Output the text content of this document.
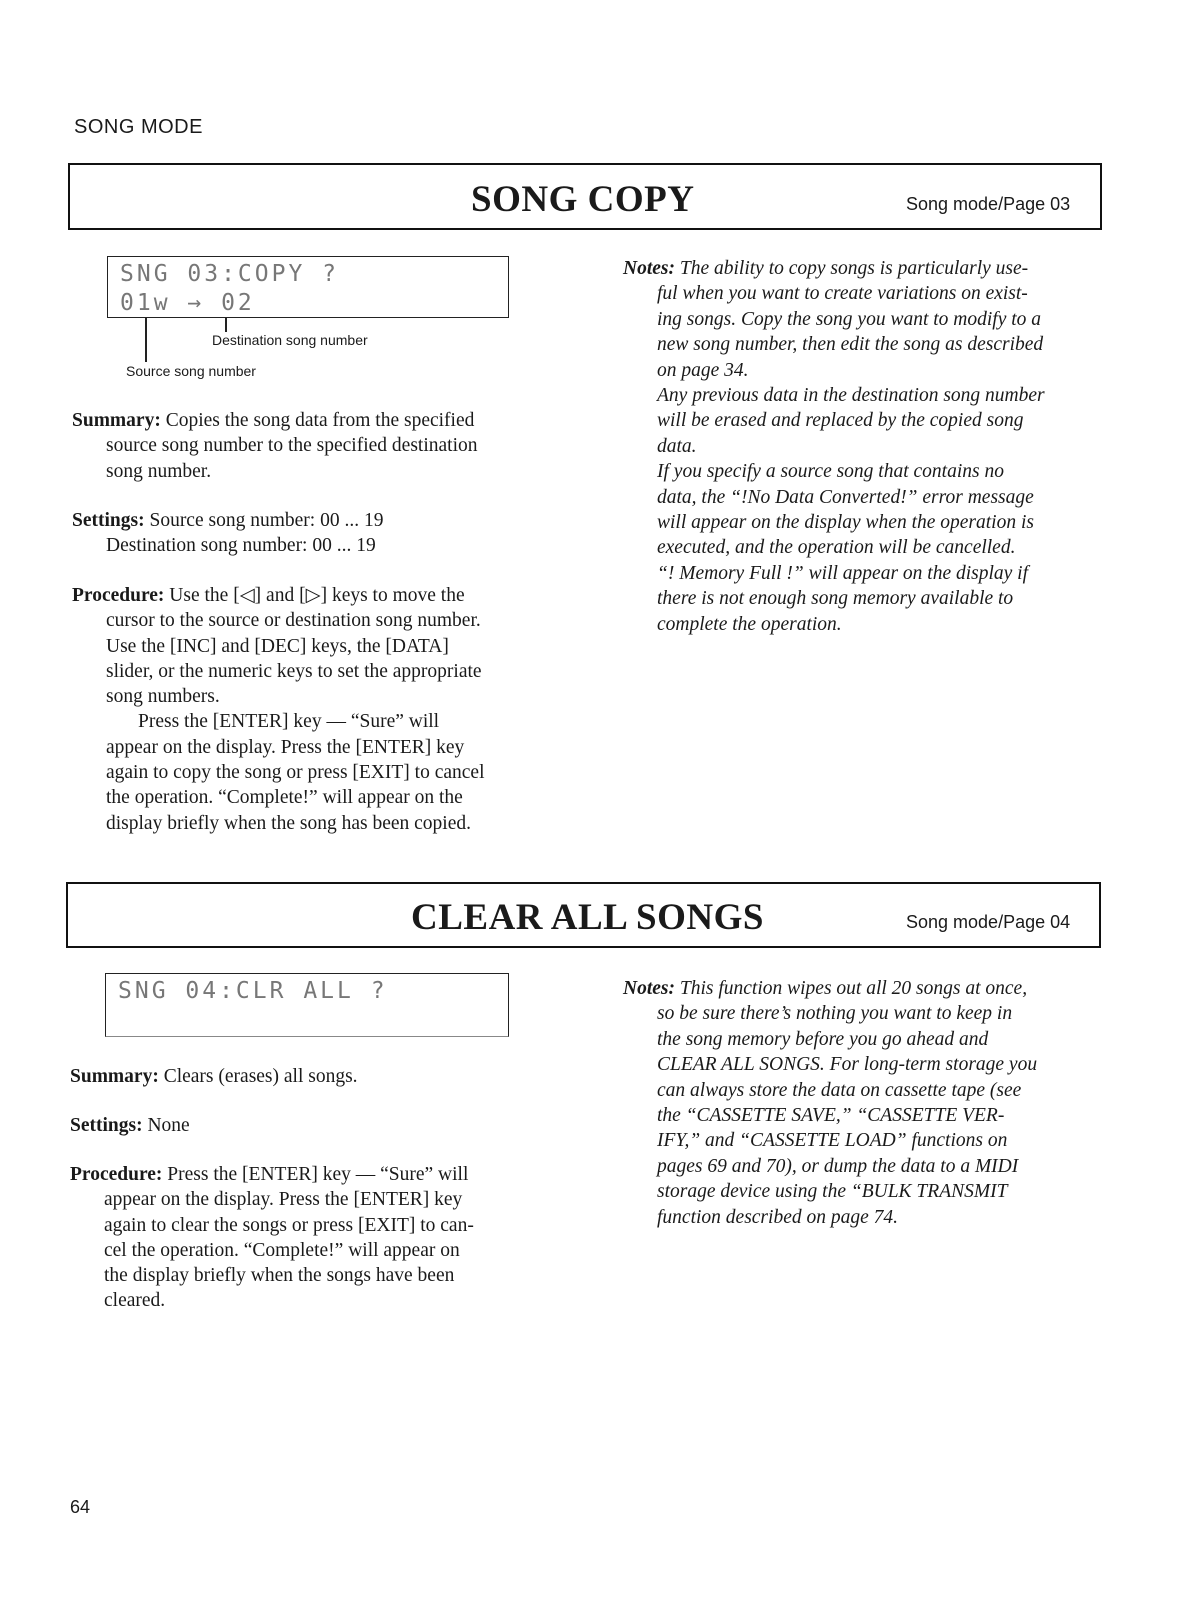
SONG MODE
SONG COPY	Song mode/Page 03
SNG 03:COPY ?
01w → 02
Destination song number
Source song number
Summary: Copies the song data from the specified
source song number to the specified destination
song number.
Settings: Source song number: 00 ... 19
Destination song number: 00 ... 19
Procedure: Use the [◁] and [▷] keys to move the
cursor to the source or destination song number.
Use the [INC] and [DEC] keys, the [DATA]
slider, or the numeric keys to set the appropriate
song numbers.
Press the [ENTER] key — “Sure” will
appear on the display. Press the [ENTER] key
again to copy the song or press [EXIT] to cancel
the operation. “Complete!” will appear on the
display briefly when the song has been copied.
Notes: The ability to copy songs is particularly use-
ful when you want to create variations on exist-
ing songs. Copy the song you want to modify to a
new song number, then edit the song as described
on page 34.
Any previous data in the destination song number
will be erased and replaced by the copied song
data.
If you specify a source song that contains no
data, the “!No Data Converted!” error message
will appear on the display when the operation is
executed, and the operation will be cancelled.
“! Memory Full !” will appear on the display if
there is not enough song memory available to
complete the operation.
CLEAR ALL SONGS	Song mode/Page 04
SNG 04:CLR ALL ?
Summary: Clears (erases) all songs.
Settings: None
Procedure: Press the [ENTER] key — “Sure” will
appear on the display. Press the [ENTER] key
again to clear the songs or press [EXIT] to can-
cel the operation. “Complete!” will appear on
the display briefly when the songs have been
cleared.
Notes: This function wipes out all 20 songs at once,
so be sure there’s nothing you want to keep in
the song memory before you go ahead and
CLEAR ALL SONGS. For long-term storage you
can always store the data on cassette tape (see
the “CASSETTE SAVE,” “CASSETTE VER-
IFY,” and “CASSETTE LOAD” functions on
pages 69 and 70), or dump the data to a MIDI
storage device using the “BULK TRANSMIT
function described on page 74.
64
